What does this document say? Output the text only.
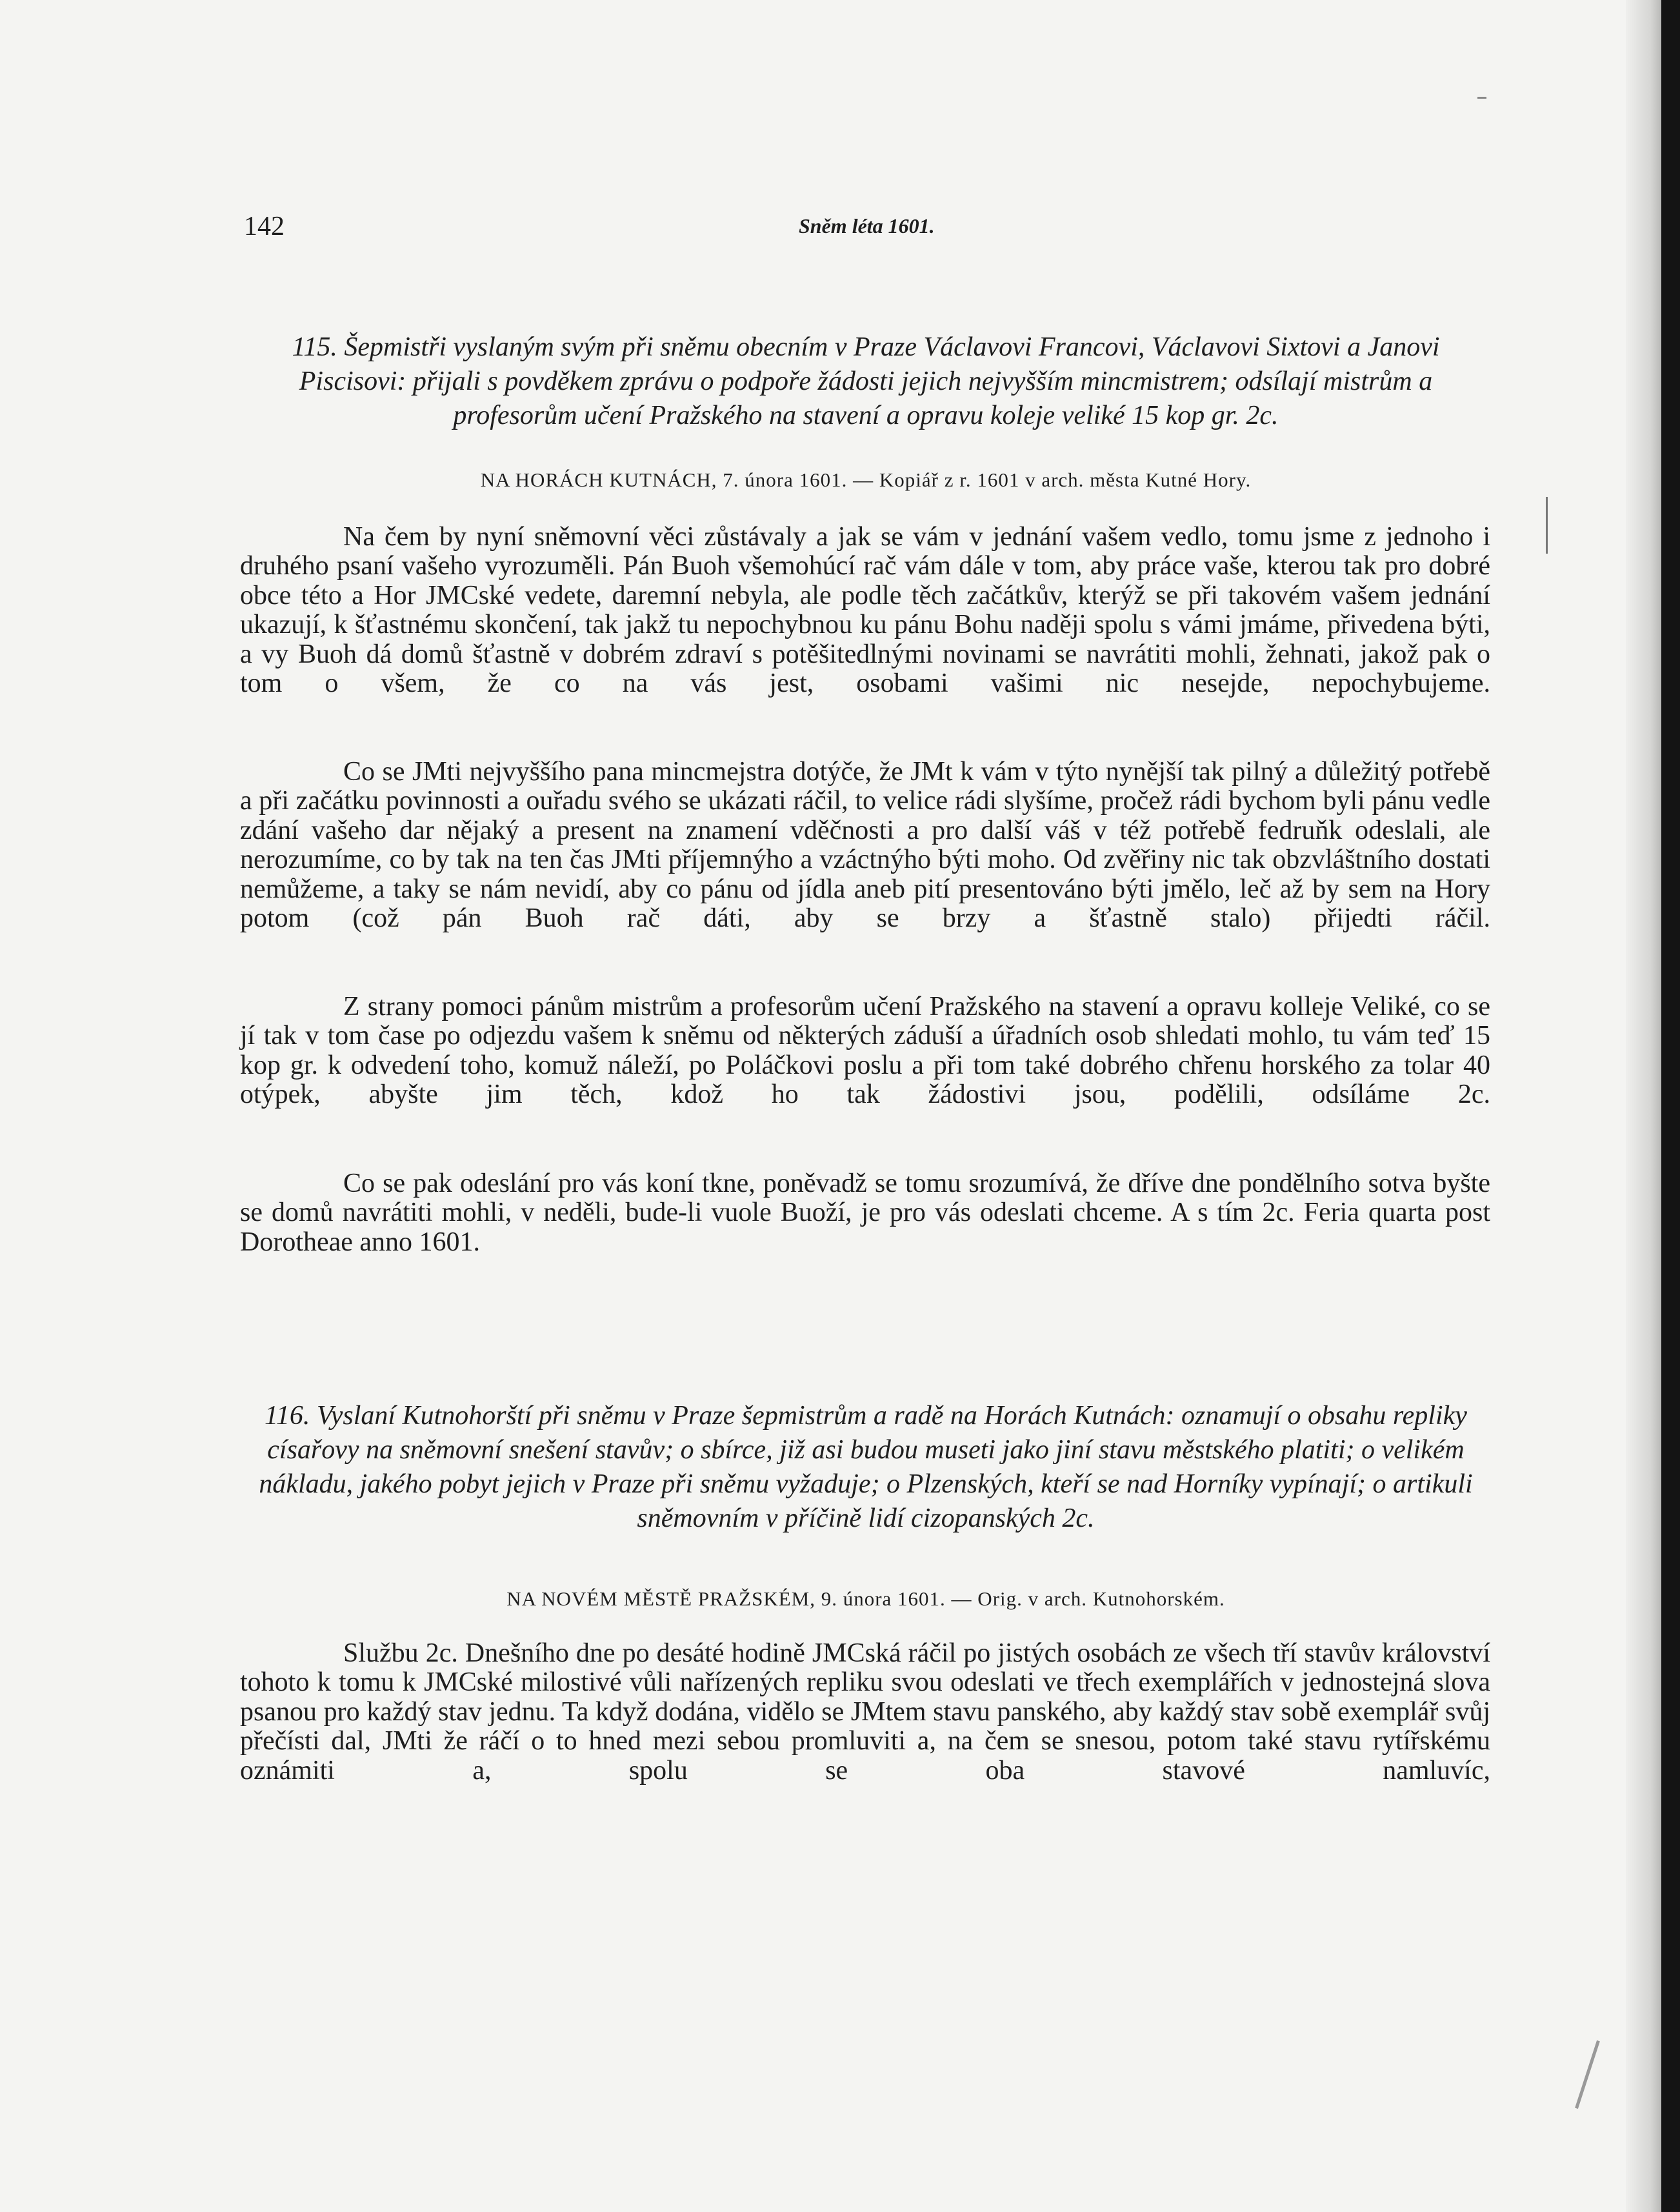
142	Sněm léta 1601.
115. Šepmistři vyslaným svým při sněmu obecním v Praze Václavovi Francovi, Václavovi Sixtovi a Janovi Piscisovi: přijali s povděkem zprávu o podpoře žádosti jejich nejvyšším mincmistrem; odsílají mistrům a profesorům učení Pražského na stavení a opravu koleje veliké 15 kop gr. 2c.
NA HORÁCH KUTNÁCH, 7. února 1601. — Kopiář z r. 1601 v arch. města Kutné Hory.

Na čem by nyní sněmovní věci zůstávaly a jak se vám v jednání vašem vedlo, tomu jsme z jednoho i druhého psaní vašeho vyrozuměli. Pán Buoh všemohúcí rač vám dále v tom, aby práce vaše, kterou tak pro dobré obce této a Hor JMCské vedete, daremní nebyla, ale podle těch začátkův, kterýž se při takovém vašem jednání ukazují, k šťastnému skončení, tak jakž tu nepochybnou ku pánu Bohu naději spolu s vámi jmáme, přivedena býti, a vy Buoh dá domů šťastně v dobrém zdraví s potěšitedlnými novinami se navrátiti mohli, žehnati, jakož pak o tom o všem, že co na vás jest, osobami vašimi nic nesejde, nepochybujeme.

Co se JMti nejvyššího pana mincmejstra dotýče, že JMt k vám v týto nynější tak pilný a důležitý potřebě a při začátku povinnosti a ouřadu svého se ukázati ráčil, to velice rádi slyšíme, pročež rádi bychom byli pánu vedle zdání vašeho dar nějaký a present na znamení vděčnosti a pro další váš v též potřebě fedruňk odeslali, ale nerozumíme, co by tak na ten čas JMti příjemnýho a vzáctnýho býti moho. Od zvěřiny nic tak obzvláštního dostati nemůžeme, a taky se nám nevidí, aby co pánu od jídla aneb pití presentováno býti jmělo, leč až by sem na Hory potom (což pán Buoh rač dáti, aby se brzy a šťastně stalo) přijedti ráčil.

Z strany pomoci pánům mistrům a profesorům učení Pražského na stavení a opravu kolleje Veliké, co se jí tak v tom čase po odjezdu vašem k sněmu od některých záduší a úřadních osob shledati mohlo, tu vám teď 15 kop gr. k odvedení toho, komuž náleží, po Poláčkovi poslu a při tom také dobrého chřenu horského za tolar 40 otýpek, abyšte jim těch, kdož ho tak žádostivi jsou, podělili, odsíláme 2c.

Co se pak odeslání pro vás koní tkne, poněvadž se tomu srozumívá, že dříve dne pondělního sotva byšte se domů navrátiti mohli, v neděli, bude-li vuole Buoží, je pro vás odeslati chceme. A s tím 2c. Feria quarta post Dorotheae anno 1601.

116. Vyslaní Kutnohorští při sněmu v Praze šepmistrům a radě na Horách Kutnách: oznamují o obsahu repliky císařovy na sněmovní snešení stavův; o sbírce, již asi budou museti jako jiní stavu městského platiti; o velikém nákladu, jakého pobyt jejich v Praze při sněmu vyžaduje; o Plzenských, kteří se nad Horníky vypínají; o artikuli sněmovním v příčině lidí cizopanských 2c.
NA NOVÉM MĚSTĚ PRAŽSKÉM, 9. února 1601. — Orig. v arch. Kutnohorském.

Službu 2c. Dnešního dne po desáté hodině JMCská ráčil po jistých osobách ze všech tří stavův království tohoto k tomu k JMCské milostivé vůli nařízených repliku svou odeslati ve třech exemplářích v jednostejná slova psanou pro každý stav jednu. Ta když dodána, vidělo se JMtem stavu panského, aby každý stav sobě exemplář svůj přečísti dal, JMti že ráčí o to hned mezi sebou promluviti a, na čem se snesou, potom také stavu rytířskému oznámiti a, spolu se oba stavové namluvíc,
